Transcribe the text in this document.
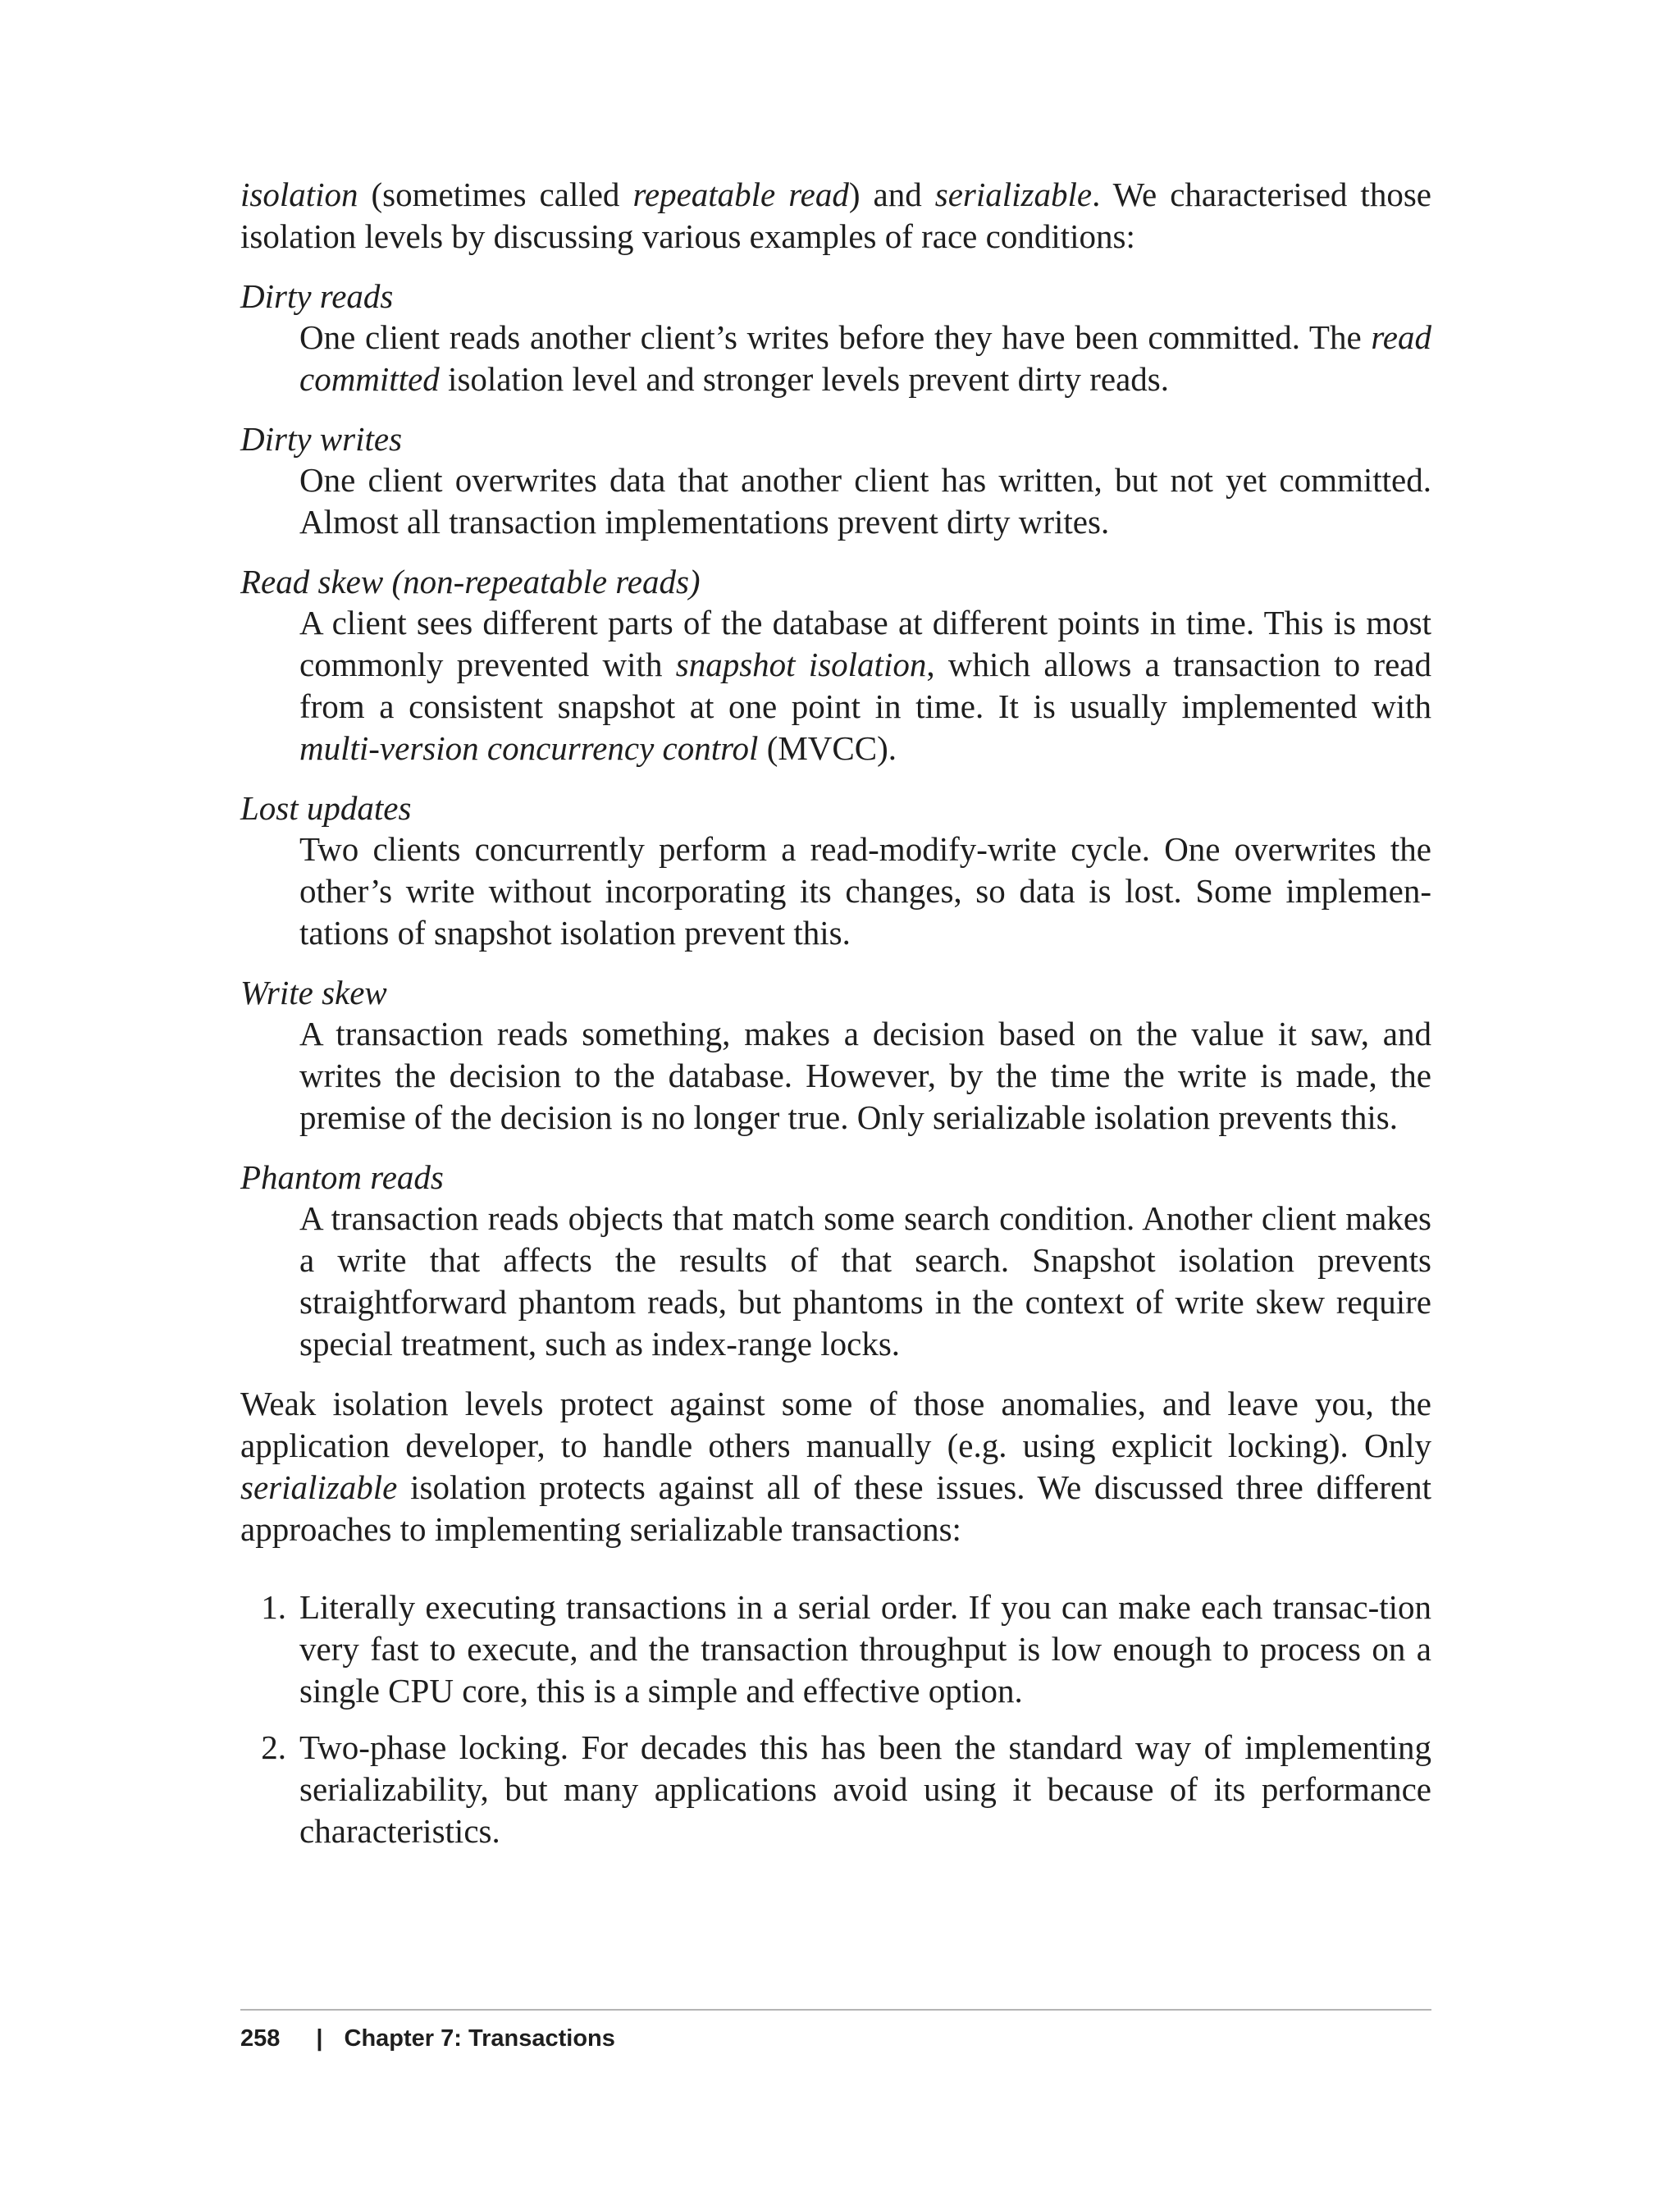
isolation (sometimes called repeatable read) and serializable. We characterised those isolation levels by discussing various examples of race conditions:

Dirty reads

One client reads another client’s writes before they have been committed. The read committed isolation level and stronger levels prevent dirty reads.

Dirty writes

One client overwrites data that another client has written, but not yet committed. Almost all transaction implementations prevent dirty writes.

Read skew (non-repeatable reads)

A client sees different parts of the database at different points in time. This is most commonly prevented with snapshot isolation, which allows a transaction to read from a consistent snapshot at one point in time. It is usually implemented with multi-version concurrency control (MVCC).

Lost updates

Two clients concurrently perform a read-modify-write cycle. One overwrites the other’s write without incorporating its changes, so data is lost. Some implemen-tations of snapshot isolation prevent this.

Write skew

A transaction reads something, makes a decision based on the value it saw, and writes the decision to the database. However, by the time the write is made, the premise of the decision is no longer true. Only serializable isolation prevents this.

Phantom reads

A transaction reads objects that match some search condition. Another client makes a write that affects the results of that search. Snapshot isolation prevents straightforward phantom reads, but phantoms in the context of write skew require special treatment, such as index-range locks.

Weak isolation levels protect against some of those anomalies, and leave you, the application developer, to handle others manually (e.g. using explicit locking). Only serializable isolation protects against all of these issues. We discussed three different approaches to implementing serializable transactions:

1. Literally executing transactions in a serial order. If you can make each transac-tion very fast to execute, and the transaction throughput is low enough to process on a single CPU core, this is a simple and effective option.
2. Two-phase locking. For decades this has been the standard way of implementing serializability, but many applications avoid using it because of its performance characteristics.
258 | Chapter 7: Transactions
